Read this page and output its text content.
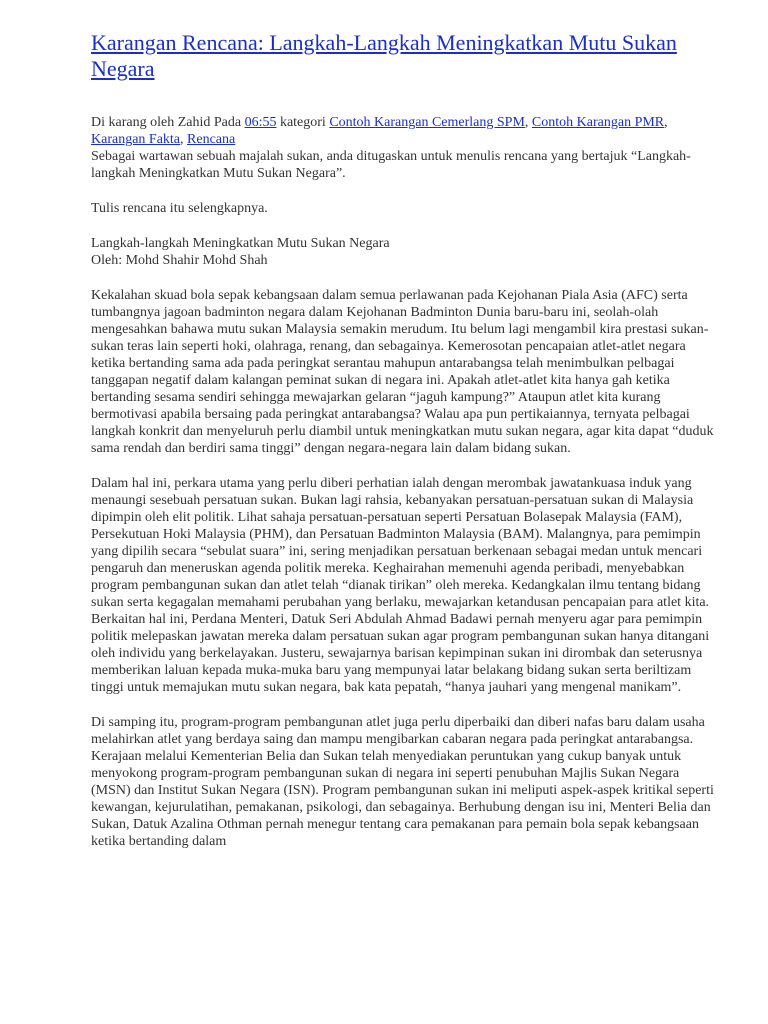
Karangan Rencana: Langkah-Langkah Meningkatkan Mutu Sukan Negara
Di karang oleh Zahid Pada 06:55 kategori Contoh Karangan Cemerlang SPM, Contoh Karangan PMR, Karangan Fakta, Rencana

Sebagai wartawan sebuah majalah sukan, anda ditugaskan untuk menulis rencana yang bertajuk “Langkah-langkah Meningkatkan Mutu Sukan Negara”.

Tulis rencana itu selengkapnya.

Langkah-langkah Meningkatkan Mutu Sukan Negara

Oleh: Mohd Shahir Mohd Shah

Kekalahan skuad bola sepak kebangsaan dalam semua perlawanan pada Kejohanan Piala Asia (AFC) serta tumbangnya jagoan badminton negara dalam Kejohanan Badminton Dunia baru-baru ini, seolah-olah mengesahkan bahawa mutu sukan Malaysia semakin merudum. Itu belum lagi mengambil kira prestasi sukan-sukan teras lain seperti hoki, olahraga, renang, dan sebagainya. Kemerosotan pencapaian atlet-atlet negara ketika bertanding sama ada pada peringkat serantau mahupun antarabangsa telah menimbulkan pelbagai tanggapan negatif dalam kalangan peminat sukan di negara ini. Apakah atlet-atlet kita hanya gah ketika bertanding sesama sendiri sehingga mewajarkan gelaran “jaguh kampung?” Ataupun atlet kita kurang bermotivasi apabila bersaing pada peringkat antarabangsa? Walau apa pun pertikaiannya, ternyata pelbagai langkah konkrit dan menyeluruh perlu diambil untuk meningkatkan mutu sukan negara, agar kita dapat “duduk sama rendah dan berdiri sama tinggi” dengan negara-negara lain dalam bidang sukan.

Dalam hal ini, perkara utama yang perlu diberi perhatian ialah dengan merombak jawatankuasa induk yang menaungi sesebuah persatuan sukan. Bukan lagi rahsia, kebanyakan persatuan-persatuan sukan di Malaysia dipimpin oleh elit politik. Lihat sahaja persatuan-persatuan seperti Persatuan Bolasepak Malaysia (FAM), Persekutuan Hoki Malaysia (PHM), dan Persatuan Badminton Malaysia (BAM). Malangnya, para pemimpin yang dipilih secara “sebulat suara” ini, sering menjadikan persatuan berkenaan sebagai medan untuk mencari pengaruh dan meneruskan agenda politik mereka. Keghairahan memenuhi agenda peribadi, menyebabkan program pembangunan sukan dan atlet telah “dianak tirikan” oleh mereka. Kedangkalan ilmu tentang bidang sukan serta kegagalan memahami perubahan yang berlaku, mewajarkan ketandusan pencapaian para atlet kita. Berkaitan hal ini, Perdana Menteri, Datuk Seri Abdulah Ahmad Badawi pernah menyeru agar para pemimpin politik melepaskan jawatan mereka dalam persatuan sukan agar program pembangunan sukan hanya ditangani oleh individu yang berkelayakan. Justeru, sewajarnya barisan kepimpinan sukan ini dirombak dan seterusnya memberikan laluan kepada muka-muka baru yang mempunyai latar belakang bidang sukan serta beriltizam tinggi untuk memajukan mutu sukan negara, bak kata pepatah, “hanya jauhari yang mengenal manikam”.

Di samping itu, program-program pembangunan atlet juga perlu diperbaiki dan diberi nafas baru dalam usaha melahirkan atlet yang berdaya saing dan mampu mengibarkan cabaran negara pada peringkat antarabangsa. Kerajaan melalui Kementerian Belia dan Sukan telah menyediakan peruntukan yang cukup banyak untuk menyokong program-program pembangunan sukan di negara ini seperti penubuhan Majlis Sukan Negara (MSN) dan Institut Sukan Negara (ISN). Program pembangunan sukan ini meliputi aspek-aspek kritikal seperti kewangan, kejurulatihan, pemakanan, psikologi, dan sebagainya. Berhubung dengan isu ini, Menteri Belia dan Sukan, Datuk Azalina Othman pernah menegur tentang cara pemakanan para pemain bola sepak kebangsaan ketika bertanding dalam
